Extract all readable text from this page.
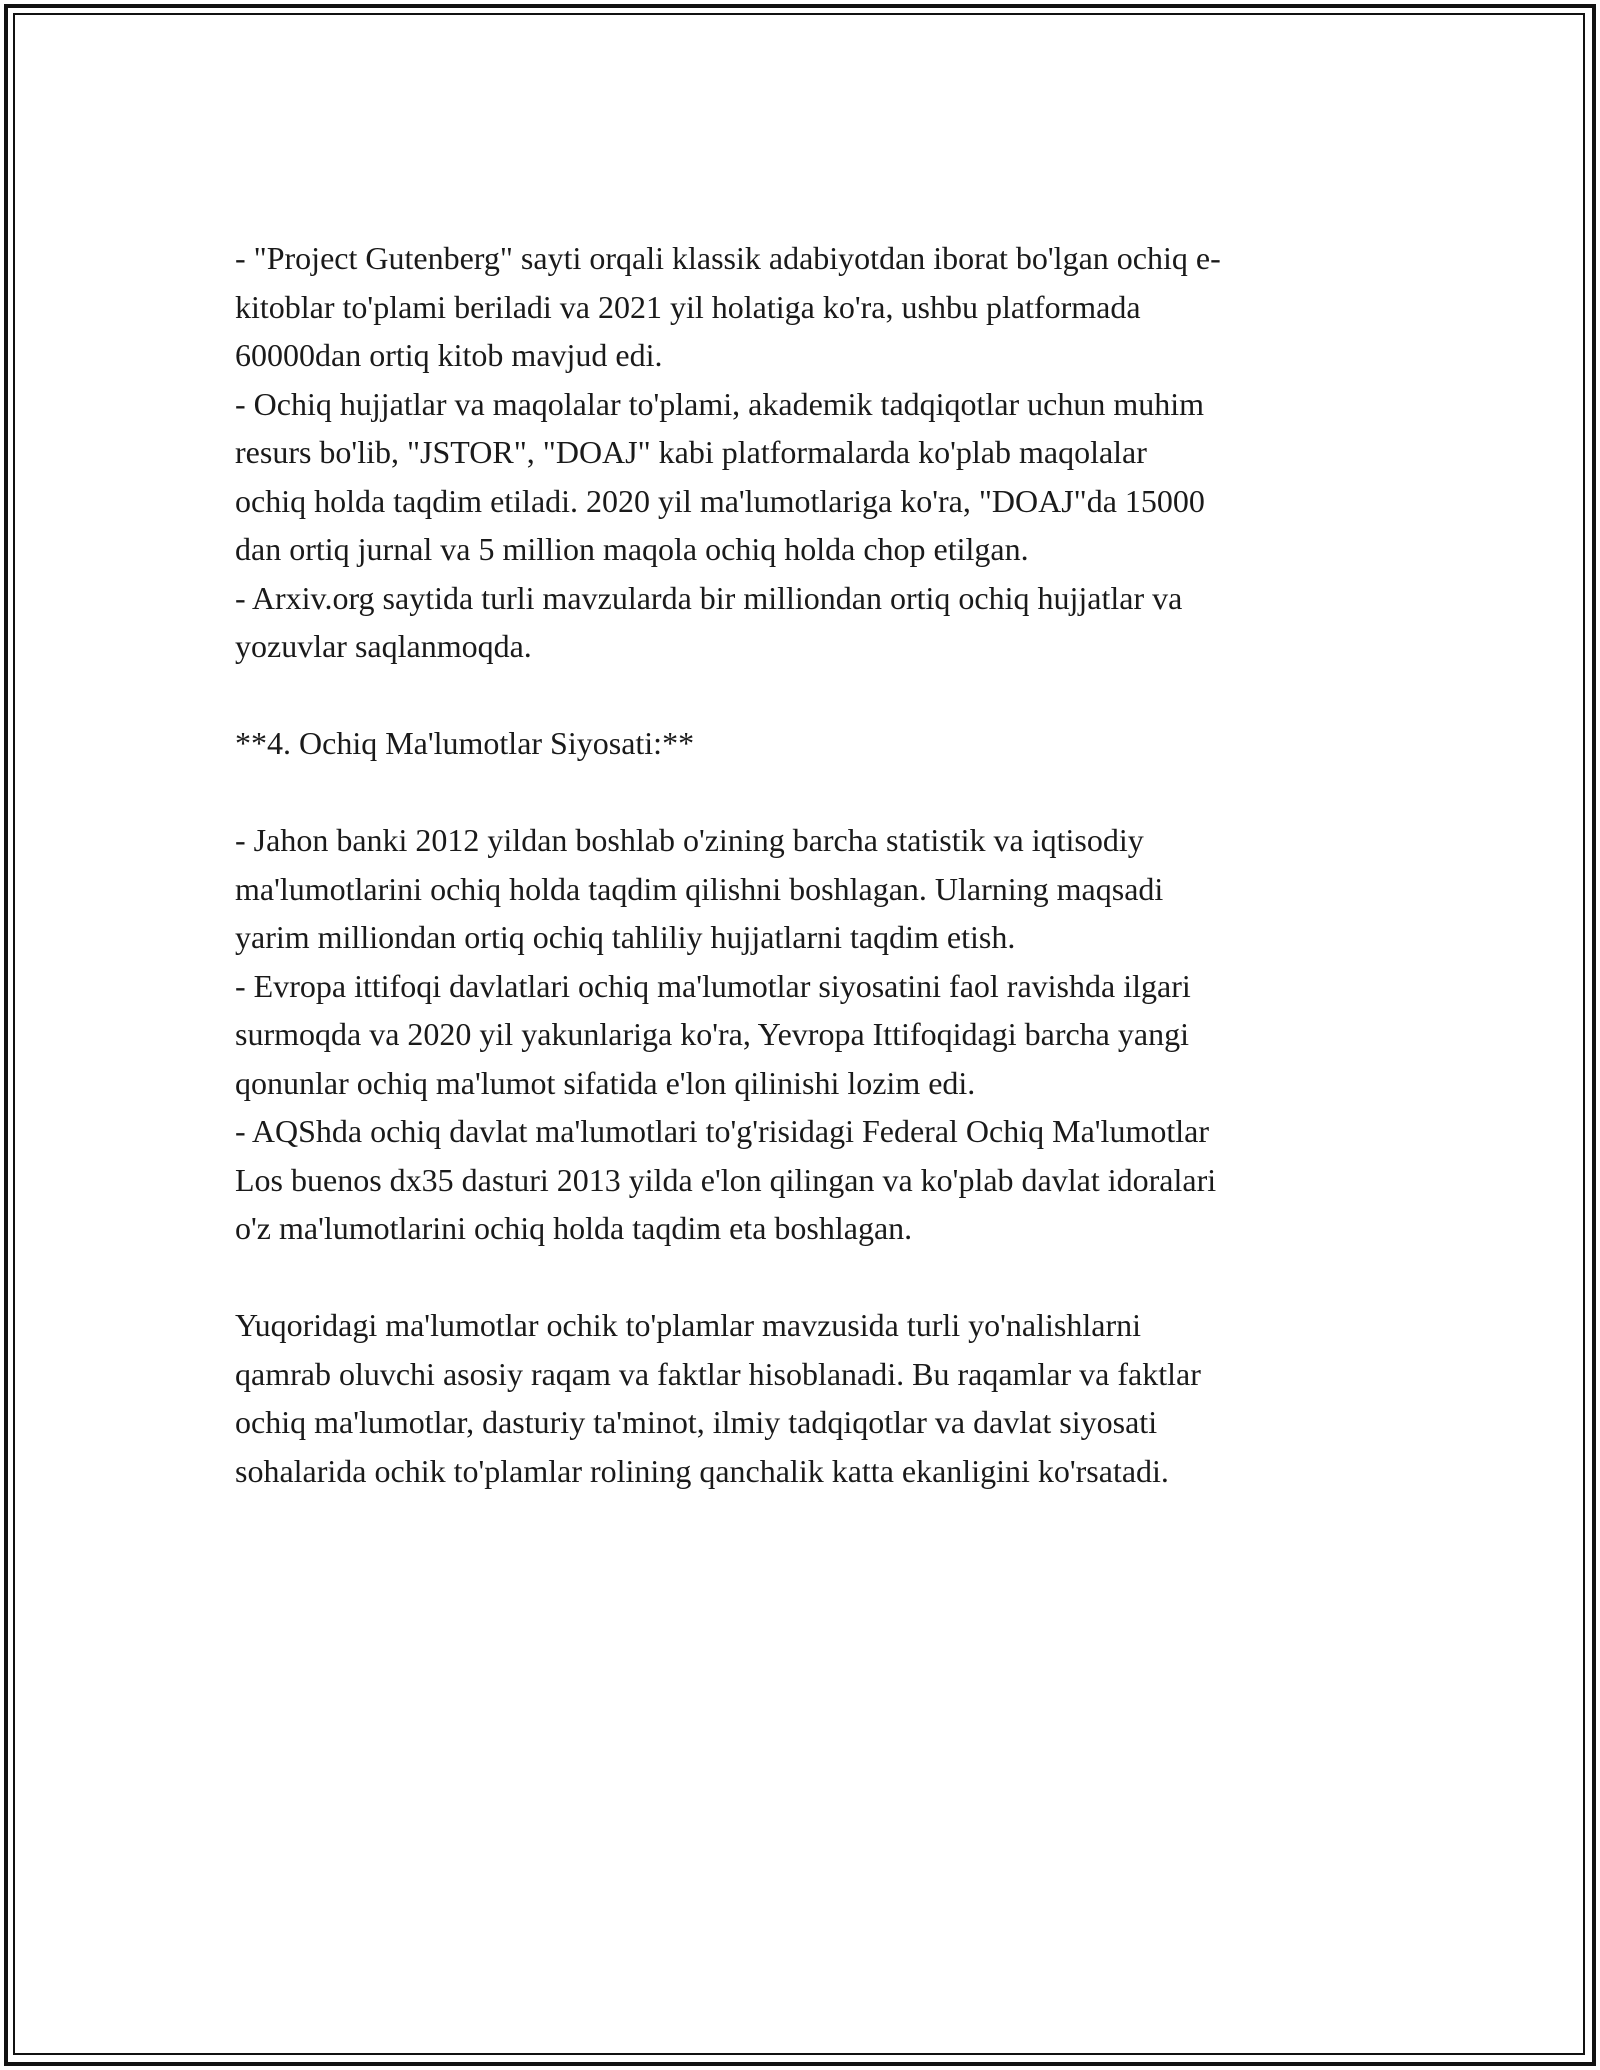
- "Project Gutenberg" sayti orqali klassik adabiyotdan iborat bo'lgan ochiq e-

kitoblar to'plami beriladi va 2021 yil holatiga ko'ra, ushbu platformada

60000dan ortiq kitob mavjud edi.

- Ochiq hujjatlar va maqolalar to'plami, akademik tadqiqotlar uchun muhim

resurs bo'lib, "JSTOR", "DOAJ" kabi platformalarda ko'plab maqolalar

ochiq holda taqdim etiladi. 2020 yil ma'lumotlariga ko'ra, "DOAJ"da 15000

dan ortiq jurnal va 5 million maqola ochiq holda chop etilgan.

- Arxiv.org saytida turli mavzularda bir milliondan ortiq ochiq hujjatlar va

yozuvlar saqlanmoqda.

**4. Ochiq Ma'lumotlar Siyosati:**

- Jahon banki 2012 yildan boshlab o'zining barcha statistik va iqtisodiy

ma'lumotlarini ochiq holda taqdim qilishni boshlagan. Ularning maqsadi

yarim milliondan ortiq ochiq tahliliy hujjatlarni taqdim etish.

- Evropa ittifoqi davlatlari ochiq ma'lumotlar siyosatini faol ravishda ilgari

surmoqda va 2020 yil yakunlariga ko'ra, Yevropa Ittifoqidagi barcha yangi

qonunlar ochiq ma'lumot sifatida e'lon qilinishi lozim edi.

- AQShda ochiq davlat ma'lumotlari to'g'risidagi Federal Ochiq Ma'lumotlar

Los buenos dx35 dasturi 2013 yilda e'lon qilingan va ko'plab davlat idoralari

o'z ma'lumotlarini ochiq holda taqdim eta boshlagan.

Yuqoridagi ma'lumotlar ochik to'plamlar mavzusida turli yo'nalishlarni

qamrab oluvchi asosiy raqam va faktlar hisoblanadi. Bu raqamlar va faktlar

ochiq ma'lumotlar, dasturiy ta'minot, ilmiy tadqiqotlar va davlat siyosati

sohalarida ochik to'plamlar rolining qanchalik katta ekanligini ko'rsatadi.
